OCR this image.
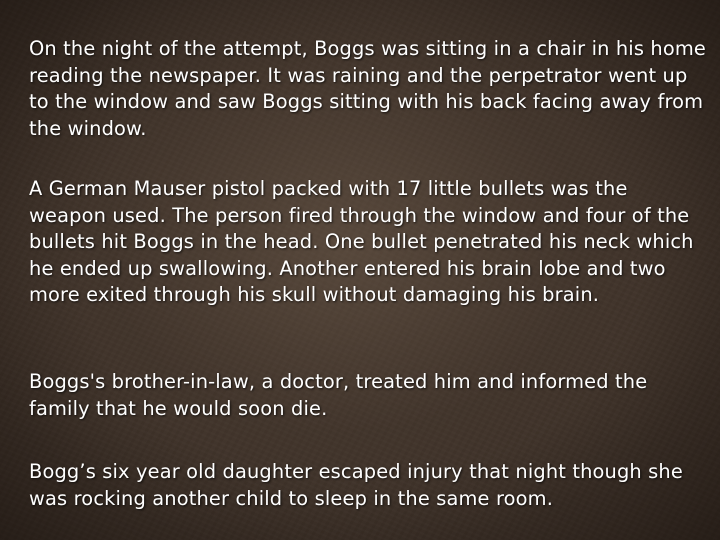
On the night of the attempt, Boggs was sitting in a chair in his home reading the newspaper. It was raining and the perpetrator went up to the window and saw Boggs sitting with his back facing away from the window.

A German Mauser pistol packed with 17 little bullets was the weapon used. The person fired through the window and four of the bullets hit Boggs in the head. One bullet penetrated his neck which he ended up swallowing. Another entered his brain lobe and two more exited through his skull without damaging his brain.

Boggs's brother-in-law, a doctor, treated him and informed the family that he would soon die.

Bogg’s six year old daughter escaped injury that night though she was rocking another child to sleep in the same room.
